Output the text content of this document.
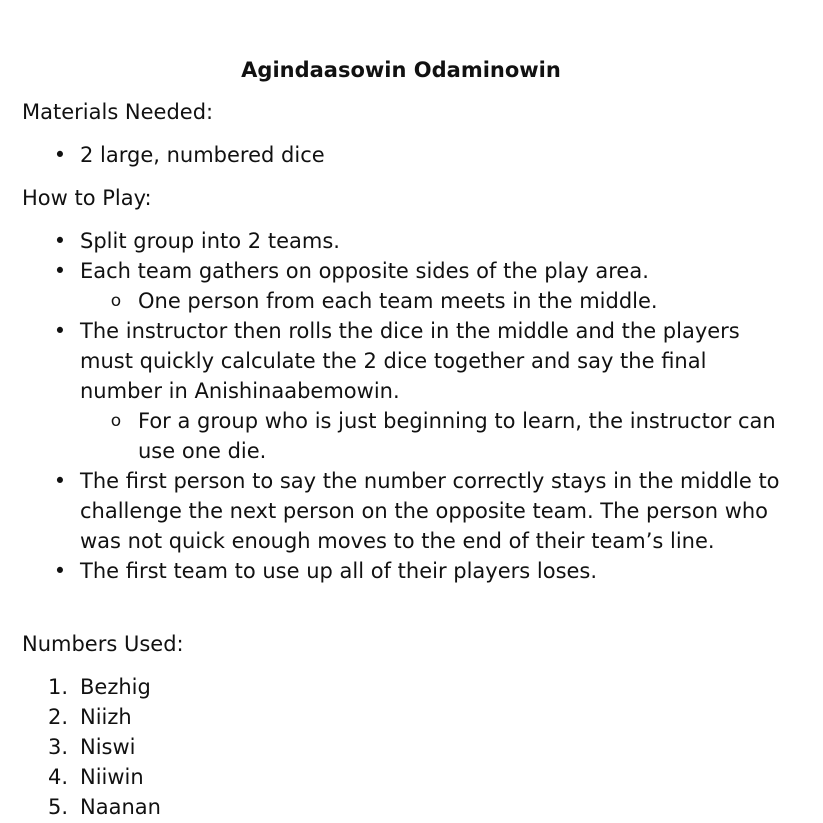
Agindaasowin Odaminowin

Materials Needed:

• 2 large, numbered dice

How to Play:

• Split group into 2 teams.
• Each team gathers on opposite sides of the play area.
o One person from each team meets in the middle.
• The instructor then rolls the dice in the middle and the players must quickly calculate the 2 dice together and say the final number in Anishinaabemowin.
o For a group who is just beginning to learn, the instructor can use one die.
• The first person to say the number correctly stays in the middle to challenge the next person on the opposite team. The person who was not quick enough moves to the end of their team’s line.
• The first team to use up all of their players loses.

Numbers Used:

1. Bezhig
2. Niizh
3. Niswi
4. Niiwin
5. Naanan
